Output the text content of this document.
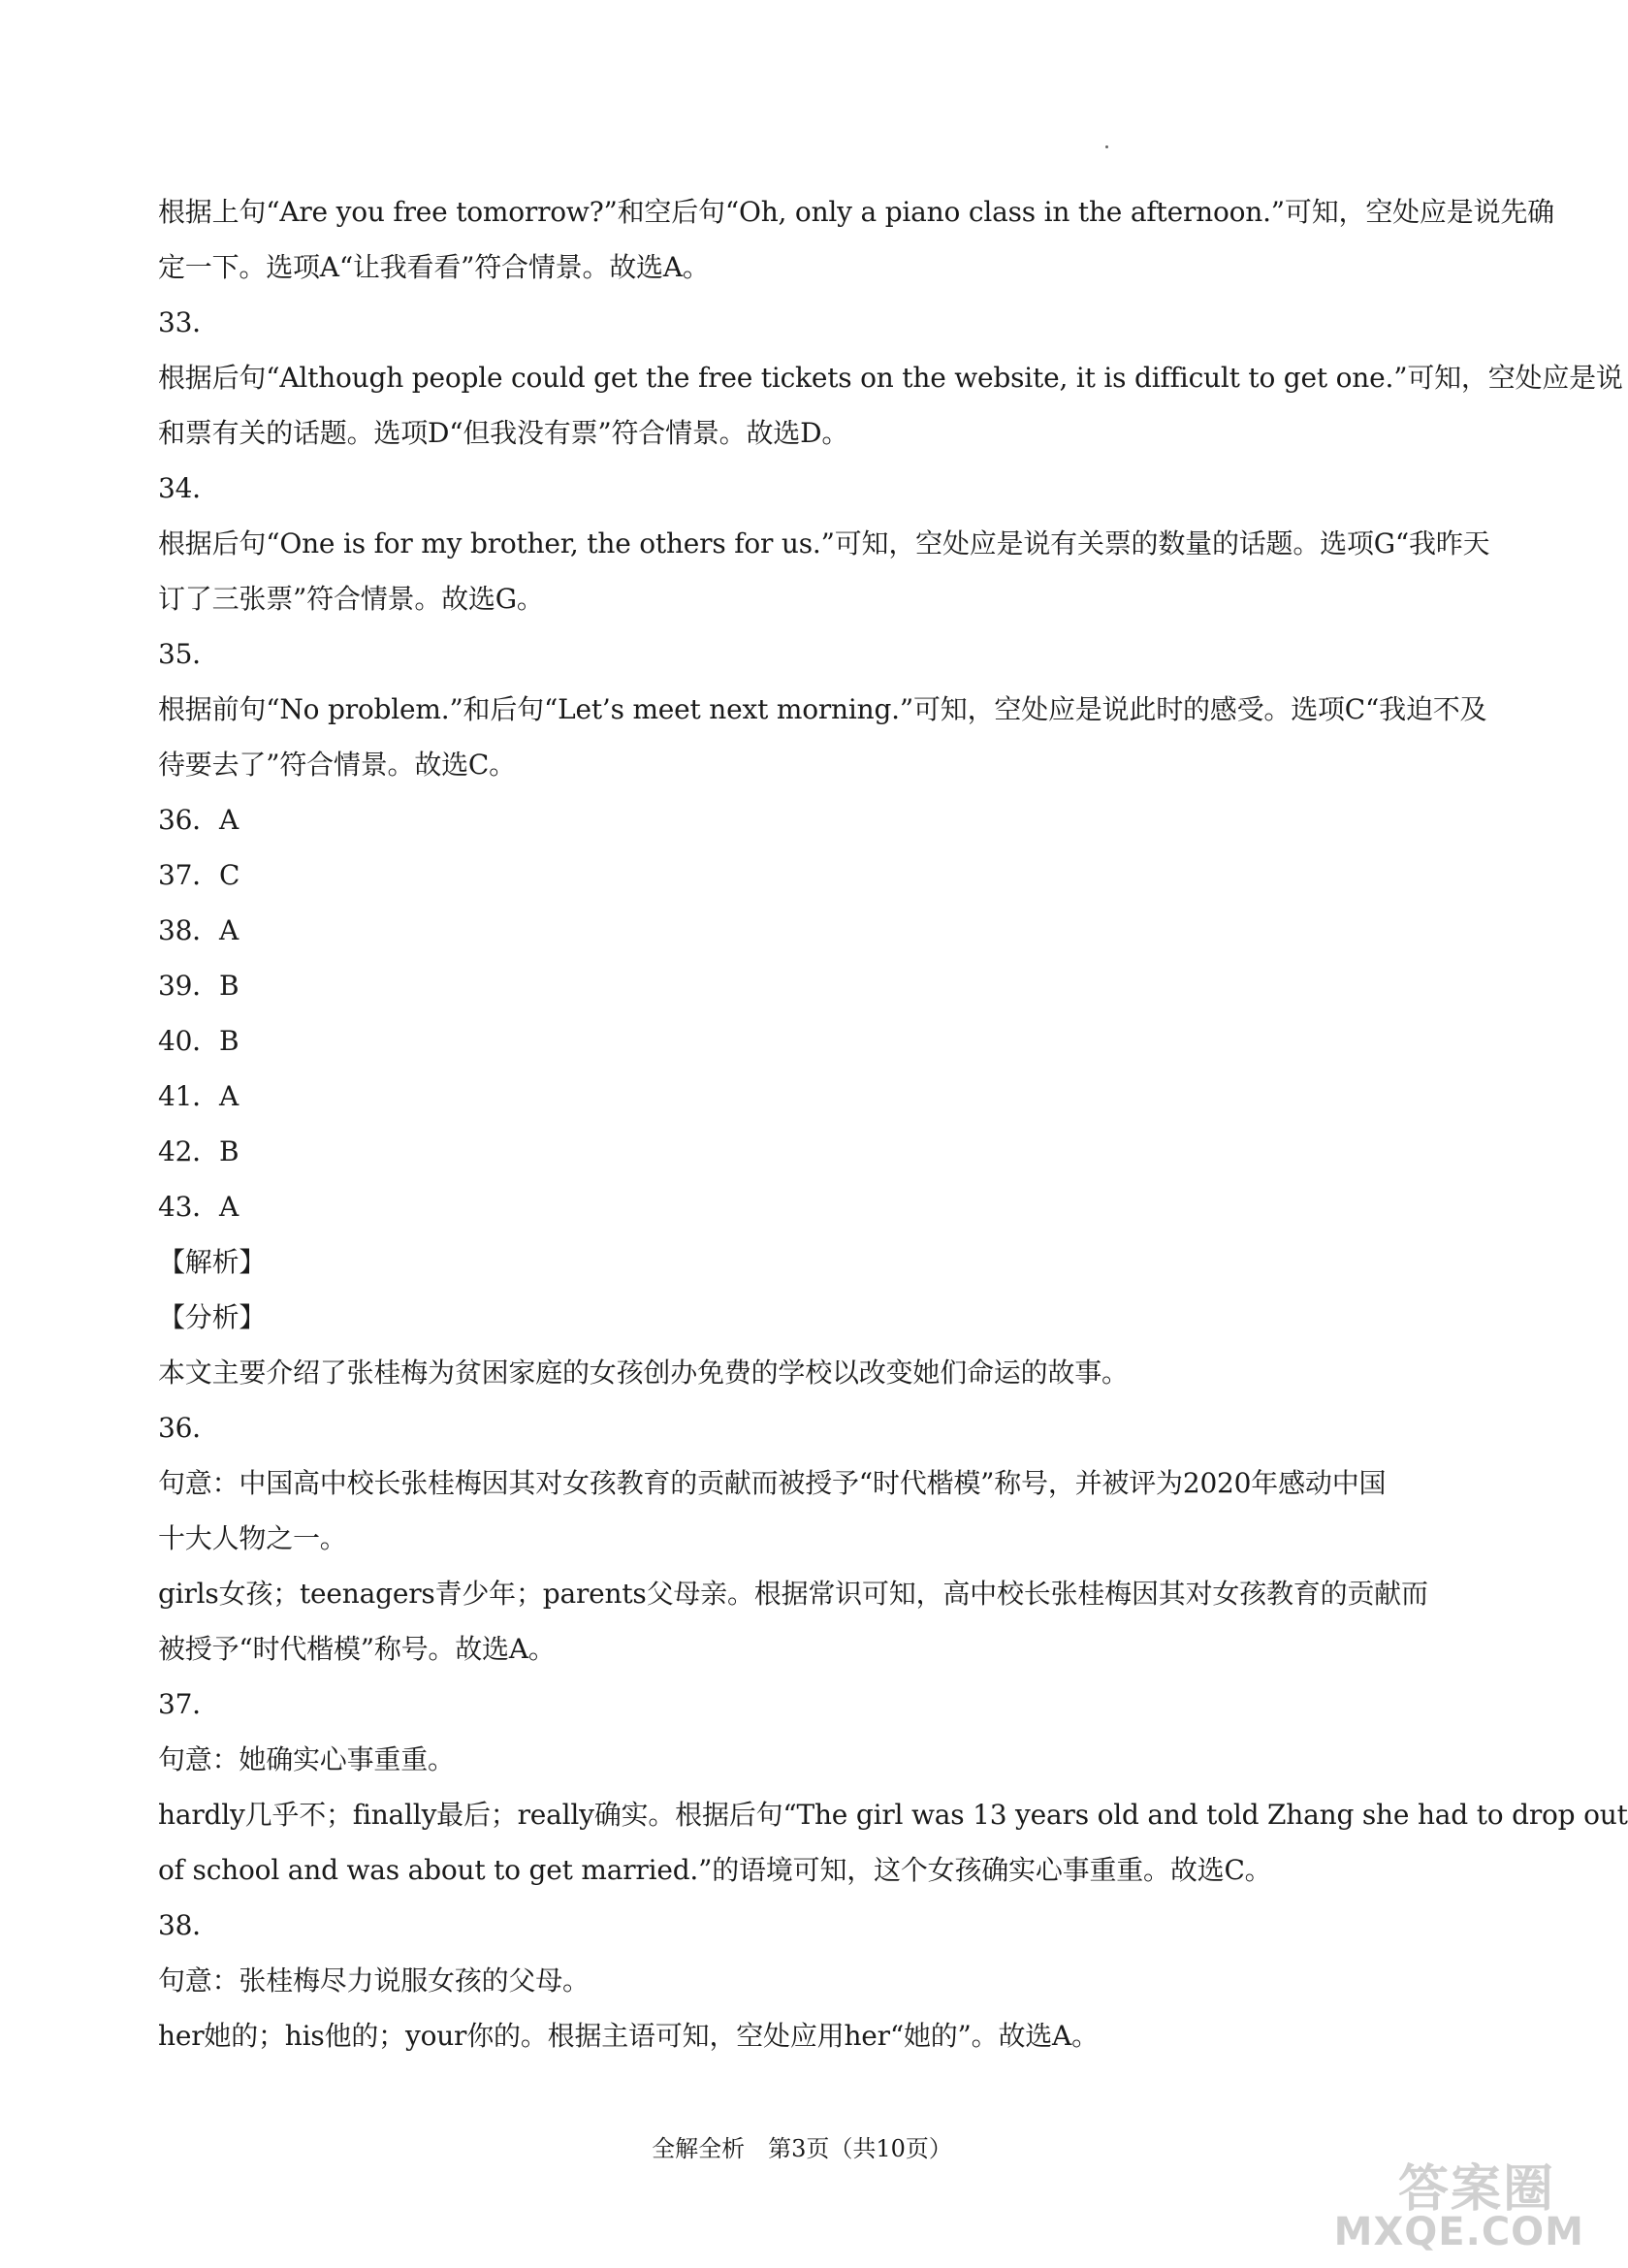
根据上句“Are you free tomorrow?”和空后句“Oh, only a piano class in the afternoon.”可知，空处应是说先确
定一下。选项A“让我看看”符合情景。故选A。
33．
根据后句“Although people could get the free tickets on the website, it is difficult to get one.”可知，空处应是说
和票有关的话题。选项D“但我没有票”符合情景。故选D。
34．
根据后句“One is for my brother, the others for us.”可知，空处应是说有关票的数量的话题。选项G“我昨天
订了三张票”符合情景。故选G。
35．
根据前句“No problem.”和后句“Let’s meet next morning.”可知，空处应是说此时的感受。选项C“我迫不及
待要去了”符合情景。故选C。
36．A
37．C
38．A
39．B
40．B
41．A
42．B
43．A
【解析】
【分析】
本文主要介绍了张桂梅为贫困家庭的女孩创办免费的学校以改变她们命运的故事。
36．
句意：中国高中校长张桂梅因其对女孩教育的贡献而被授予“时代楷模”称号，并被评为2020年感动中国
十大人物之一。
girls女孩；teenagers青少年；parents父母亲。根据常识可知，高中校长张桂梅因其对女孩教育的贡献而
被授予“时代楷模”称号。故选A。
37．
句意：她确实心事重重。
hardly几乎不；finally最后；really确实。根据后句“The girl was 13 years old and told Zhang she had to drop out
of school and was about to get married.”的语境可知，这个女孩确实心事重重。故选C。
38．
句意：张桂梅尽力说服女孩的父母。
her她的；his他的；your你的。根据主语可知，空处应用her“她的”。故选A。
全解全析　第3页（共10页）
答案圈
MXQE.COM
